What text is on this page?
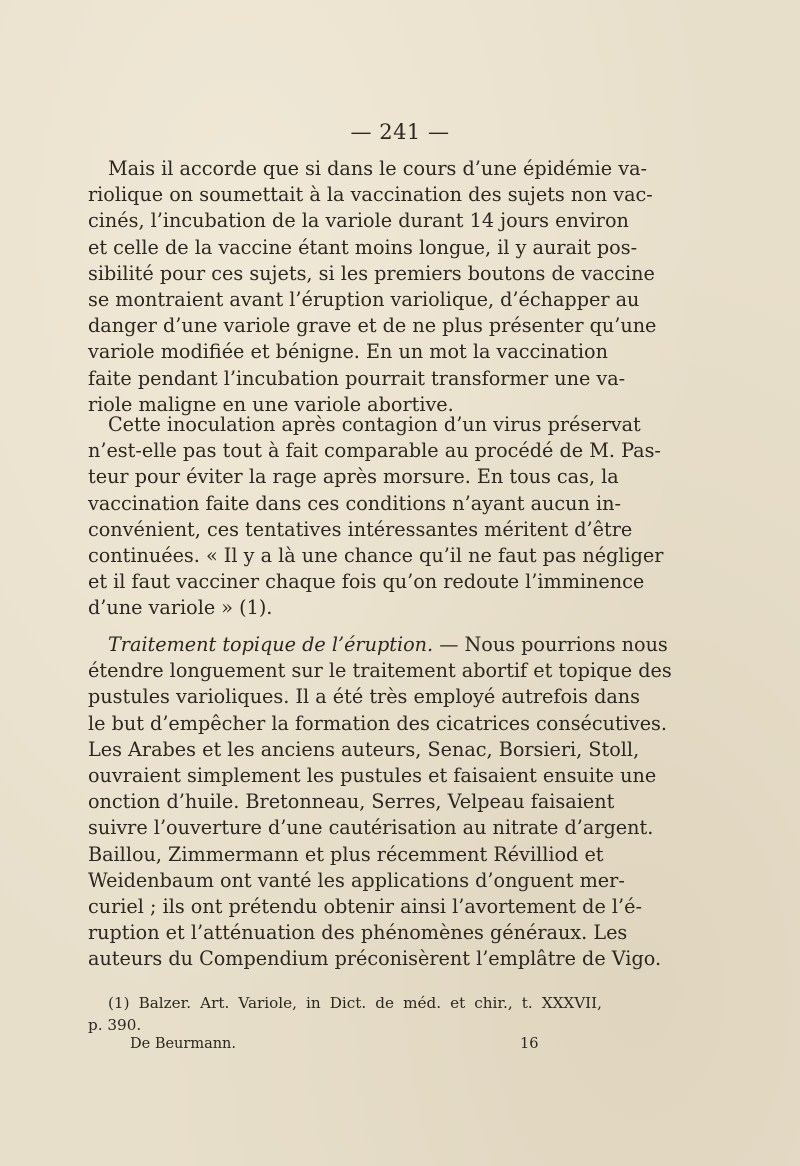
— 241 —
Mais il accorde que si dans le cours d’une épidémie va-
riolique on soumettait à la vaccination des sujets non vac-
cinés, l’incubation de la variole durant 14 jours environ
et celle de la vaccine étant moins longue, il y aurait pos-
sibilité pour ces sujets, si les premiers boutons de vaccine
se montraient avant l’éruption variolique, d’échapper au
danger d’une variole grave et de ne plus présenter qu’une
variole modifiée et bénigne. En un mot la vaccination
faite pendant l’incubation pourrait transformer une va-
riole maligne en une variole abortive.
Cette inoculation après contagion d’un virus préservat
n’est-elle pas tout à fait comparable au procédé de M. Pas-
teur pour éviter la rage après morsure. En tous cas, la
vaccination faite dans ces conditions n’ayant aucun in-
convénient, ces tentatives intéressantes méritent d’être
continuées. « Il y a là une chance qu’il ne faut pas négliger
et il faut vacciner chaque fois qu’on redoute l’imminence
d’une variole » (1).
Traitement topique de l’éruption. — Nous pourrions nous
étendre longuement sur le traitement abortif et topique des
pustules varioliques. Il a été très employé autrefois dans
le but d’empêcher la formation des cicatrices consécutives.
Les Arabes et les anciens auteurs, Senac, Borsieri, Stoll,
ouvraient simplement les pustules et faisaient ensuite une
onction d’huile. Bretonneau, Serres, Velpeau faisaient
suivre l’ouverture d’une cautérisation au nitrate d’argent.
Baillou, Zimmermann et plus récemment Révilliod et
Weidenbaum ont vanté les applications d’onguent mer-
curiel ; ils ont prétendu obtenir ainsi l’avortement de l’é-
ruption et l’atténuation des phénomènes généraux. Les
auteurs du Compendium préconisèrent l’emplâtre de Vigo.
(1) Balzer. Art. Variole, in Dict. de méd. et chir., t. XXXVII,
p. 390.
De Beurmann.	16
